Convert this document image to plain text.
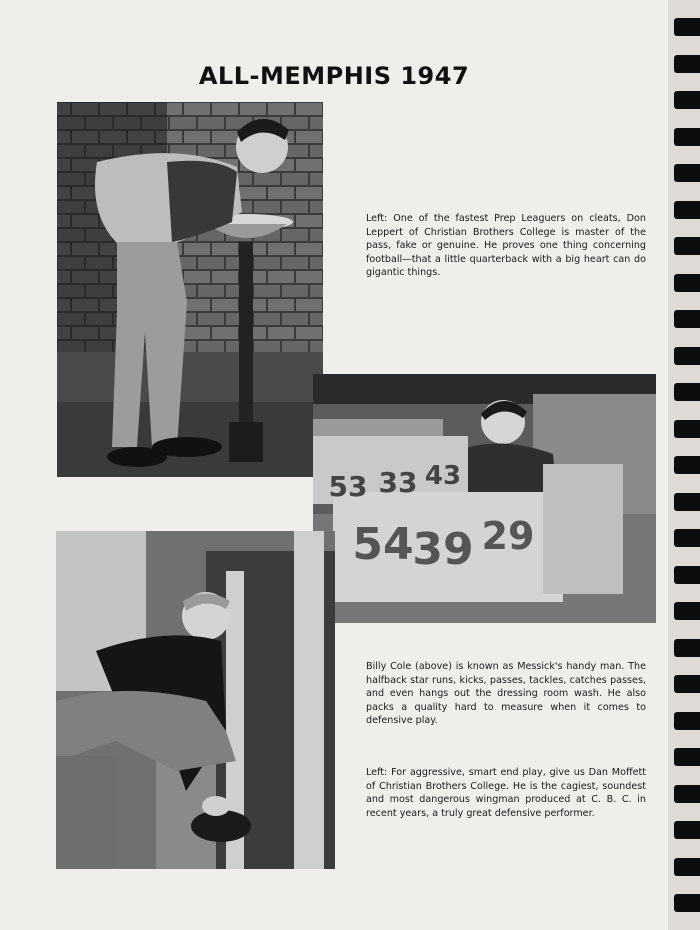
ALL-MEMPHIS 1947
54
39 29
53 33 43
Left: One of the fastest Prep Leaguers on cleats, Don Leppert of Christian Brothers College is master of the pass, fake or genuine. He proves one thing concerning football—that a little quarterback with a big heart can do gigantic things.
Billy Cole (above) is known as Messick's handy man. The halfback star runs, kicks, passes, tackles, catches passes, and even hangs out the dressing room wash. He also packs a quality hard to measure when it comes to defensive play.
Left: For aggressive, smart end play, give us Dan Moffett of Christian Brothers College. He is the cagiest, soundest and most dangerous wingman produced at C. B. C. in recent years, a truly great defensive performer.
